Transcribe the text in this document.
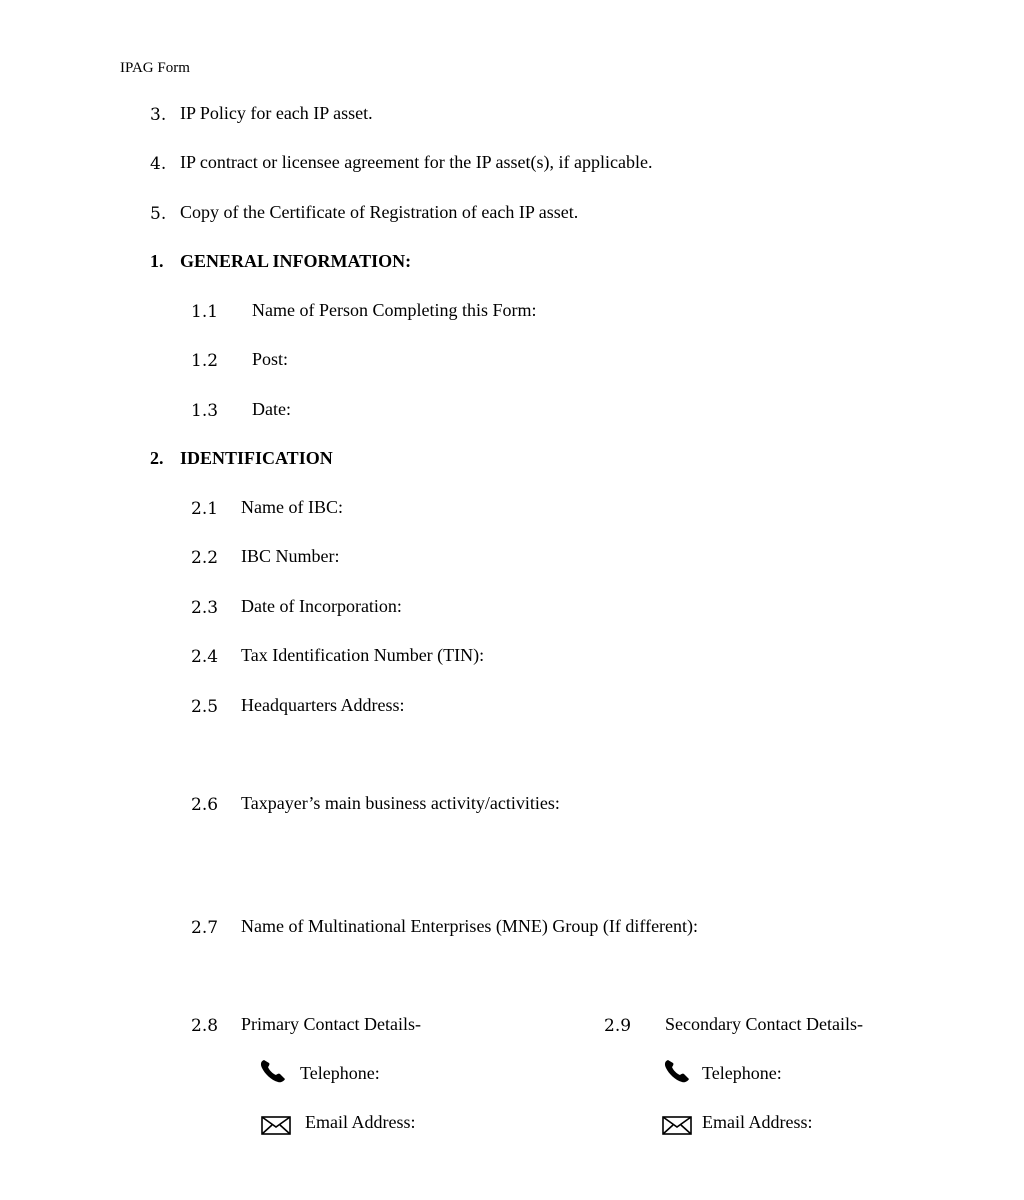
IPAG Form
3. IP Policy for each IP asset.
4. IP contract or licensee agreement for the IP asset(s), if applicable.
5. Copy of the Certificate of Registration of each IP asset.
1. GENERAL INFORMATION:
1.1 Name of Person Completing this Form:
1.2 Post:
1.3 Date:
2. IDENTIFICATION
2.1 Name of IBC:
2.2 IBC Number:
2.3 Date of Incorporation:
2.4 Tax Identification Number (TIN):
2.5 Headquarters Address:
2.6 Taxpayer’s main business activity/activities:
2.7 Name of Multinational Enterprises (MNE) Group (If different):
2.8 Primary Contact Details-	2.9 Secondary Contact Details-
Telephone:	Telephone:
Email Address:	Email Address:
